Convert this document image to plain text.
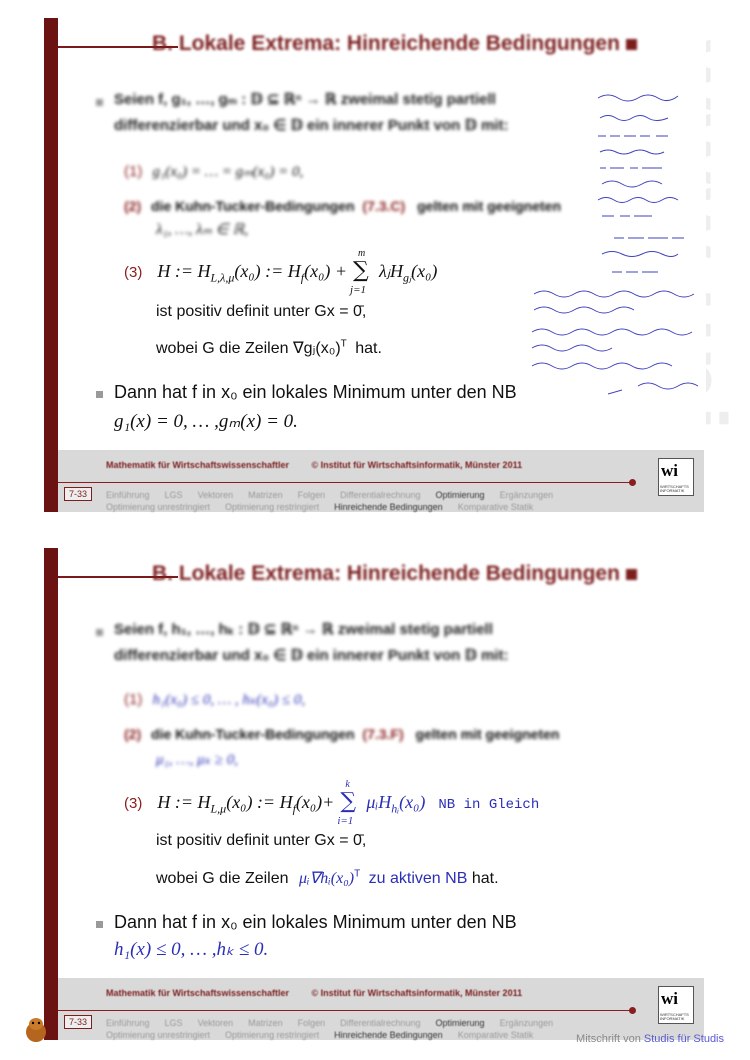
B. Lokale Extrema: Hinreichende Bedingungen
Seien f, g₁, …, gₘ : 𝔻 ⊆ ℝⁿ → ℝ zweimal stetig partiell
differenzierbar und x₀ ∈ 𝔻 ein innerer Punkt von 𝔻 mit:
(1) g₁(x₀) = … = gₘ(x₀) = 0,
(2) die Kuhn-Tucker-Bedingungen (7.3.C) gelten mit geeigneten
λ₁, …, λₘ ∈ ℝ,
(3) H := $H_{L,\lambda,\mu}(x_0)$ := $H_f(x_0)$ +
m
∑
j=1
λⱼH$_{gⱼ}$(x₀)
ist positiv definit unter Gx = 0̄,
wobei G die Zeilen $\nabla gⱼ(x_0)^T$ hat.
Dann hat f in x₀ ein lokales Minimum unter den NB
g₁(x) = 0, … ,gₘ(x) = 0.
Mathematik für Wirtschaftswissenschaftler	© Institut für Wirtschaftsinformatik, Münster 2011
7-33	Einführung LGS Vektoren Matrizen Folgen Differentialrechnung Optimierung Ergänzungen
Optimierung unrestringiert Optimierung restringiert Hinreichende Bedingungen Komparative Statik
wi
WIRTSCHAFTS INFORMATIK
B. Lokale Extrema: Hinreichende Bedingungen
Seien f, h₁, …, hₖ : 𝔻 ⊆ ℝⁿ → ℝ zweimal stetig partiell
differenzierbar und x₀ ∈ 𝔻 ein innerer Punkt von 𝔻 mit:
(1) h₁(x₀) ≤ 0, … , hₖ(x₀) ≤ 0,
(2) die Kuhn-Tucker-Bedingungen (7.3.F) gelten mit geeigneten
μ₁, …, μₖ ≥ 0,
(3) H := $H_{L,\mu}(x_0)$ := $H_f(x_0)+$
k
∑
i=1
μᵢH$_{hᵢ}$(x₀) NB in Gleich
ist positiv definit unter Gx = 0̄,
wobei G die Zeilen $\mu ᵢ\nabla hᵢ(x_0)^T$ zu aktiven NB hat.
Dann hat f in x₀ ein lokales Minimum unter den NB
h₁(x) ≤ 0, … ,hₖ ≤ 0.
Mathematik für Wirtschaftswissenschaftler	© Institut für Wirtschaftsinformatik, Münster 2011
7-33	Einführung LGS Vektoren Matrizen Folgen Differentialrechnung Optimierung Ergänzungen
Optimierung unrestringiert Optimierung restringiert Hinreichende Bedingungen Komparative Statik
wi
WIRTSCHAFTS INFORMATIK
Mitschrift von Studis für Studis
